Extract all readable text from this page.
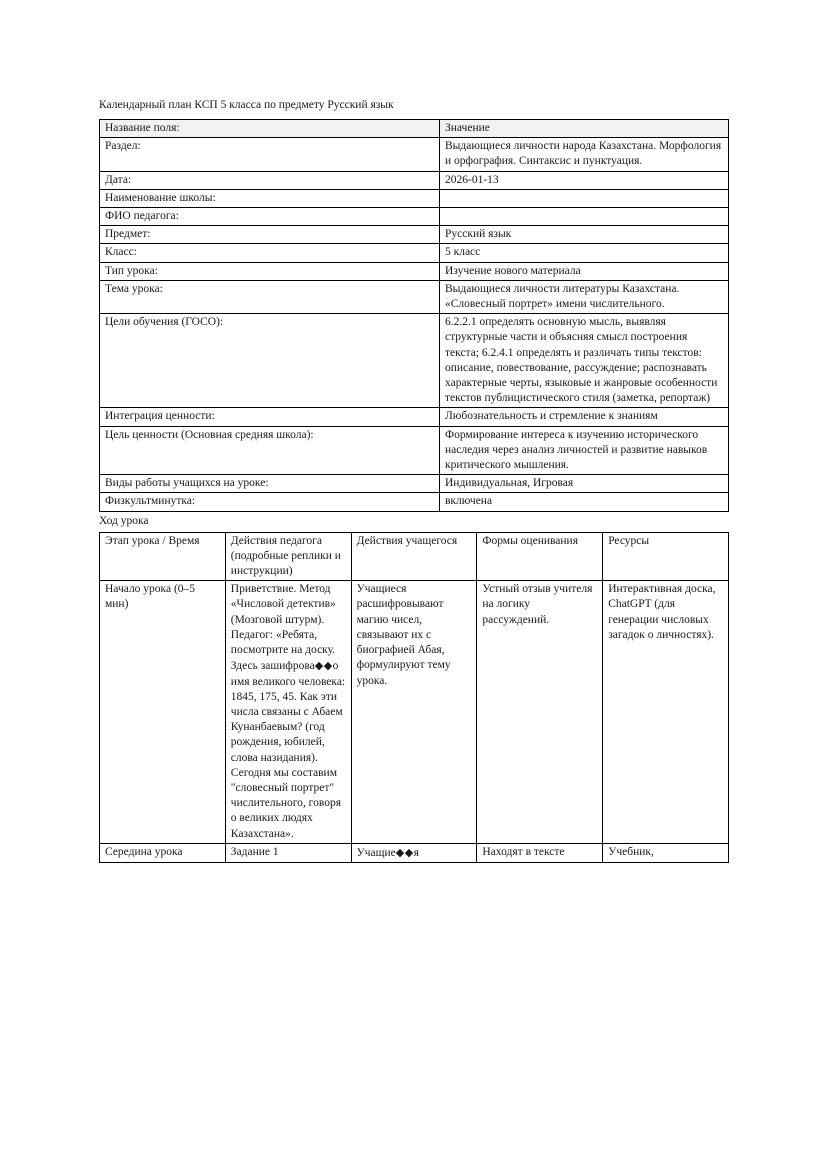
Календарный план КСП 5 класса по предмету Русский язык

Название поля:	Значение
Раздел:	Выдающиеся личности народа Казахстана. Морфология и орфография. Синтаксис и пунктуация.
Дата:	2026-01-13
Наименование школы:	
ФИО педагога:	
Предмет:	Русский язык
Класс:	5 класс
Тип урока:	Изучение нового материала
Тема урока:	Выдающиеся личности литературы Казахстана. «Словесный портрет» имени числительного.
Цели обучения (ГОСО):	6.2.2.1 определять основную мысль, выявляя структурные части и объясняя смысл построения текста; 6.2.4.1 определять и различать типы текстов: описание, повествование, рассуждение; распознавать характерные черты, языковые и жанровые особенности текстов публицистического стиля (заметка, репортаж)
Интеграция ценности:	Любознательность и стремление к знаниям
Цель ценности (Основная средняя школа):	Формирование интереса к изучению исторического наследия через анализ личностей и развитие навыков критического мышления.
Виды работы учащихся на уроке:	Индивидуальная, Игровая
Физкультминутка:	включена

Ход урока

Этап урока / Время	Действия педагога (подробные реплики и инструкции)	Действия учащегося	Формы оценивания	Ресурсы
Начало урока (0–5 мин)	Приветствие. Метод «Числовой детектив» (Мозговой штурм). Педагог: «Ребята, посмотрите на доску. Здесь зашифрова◆◆о имя великого человека: 1845, 175, 45. Как эти числа связаны с Абаем Кунанбаевым? (год рождения, юбилей, слова назидания). Сегодня мы составим "словесный портрет" числительного, говоря о великих людях Казахстана».	Учащиеся расшифровывают магию чисел, связывают их с биографией Абая, формулируют тему урока.	Устный отзыв учителя на логику рассуждений.	Интерактивная доска, ChatGPT (для генерации числовых загадок о личностях).
Середина урока	Задание 1	Учащие◆◆я	Находят в тексте	Учебник,
